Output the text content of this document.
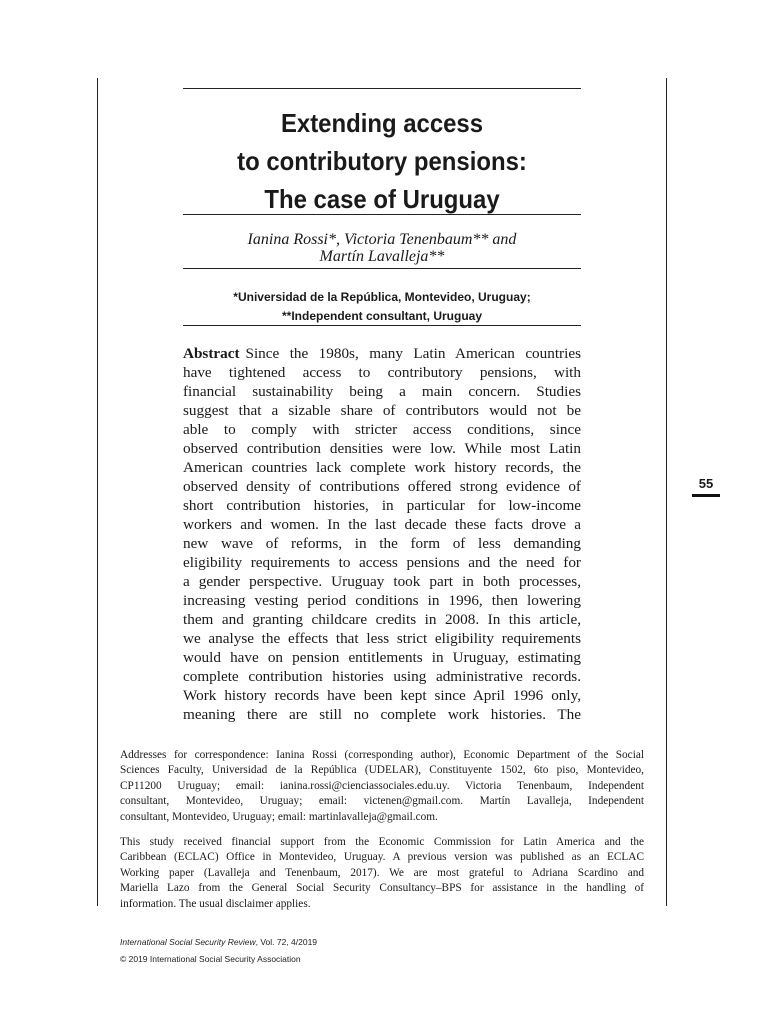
Extending access
to contributory pensions:
The case of Uruguay
Ianina Rossi*, Victoria Tenenbaum** and
Martín Lavalleja**
*Universidad de la República, Montevideo, Uruguay;
**Independent consultant, Uruguay
Abstract Since the 1980s, many Latin American countries
have tightened access to contributory pensions, with
financial sustainability being a main concern. Studies
suggest that a sizable share of contributors would not be
able to comply with stricter access conditions, since
observed contribution densities were low. While most Latin
American countries lack complete work history records, the
observed density of contributions offered strong evidence of
short contribution histories, in particular for low-income
workers and women. In the last decade these facts drove a
new wave of reforms, in the form of less demanding
eligibility requirements to access pensions and the need for
a gender perspective. Uruguay took part in both processes,
increasing vesting period conditions in 1996, then lowering
them and granting childcare credits in 2008. In this article,
we analyse the effects that less strict eligibility requirements
would have on pension entitlements in Uruguay, estimating
complete contribution histories using administrative records.
Work history records have been kept since April 1996 only,
meaning there are still no complete work histories. The
55
Addresses for correspondence: Ianina Rossi (corresponding author), Economic Department of the Social
Sciences Faculty, Universidad de la República (UDELAR), Constituyente 1502, 6to piso, Montevideo,
CP11200 Uruguay; email: ianina.rossi@cienciassociales.edu.uy. Victoria Tenenbaum, Independent
consultant, Montevideo, Uruguay; email: victenen@gmail.com. Martín Lavalleja, Independent
consultant, Montevideo, Uruguay; email: martinlavalleja@gmail.com.
This study received financial support from the Economic Commission for Latin America and the
Caribbean (ECLAC) Office in Montevideo, Uruguay. A previous version was published as an ECLAC
Working paper (Lavalleja and Tenenbaum, 2017). We are most grateful to Adriana Scardino and
Mariella Lazo from the General Social Security Consultancy–BPS for assistance in the handling of
information. The usual disclaimer applies.
International Social Security Review, Vol. 72, 4/2019
© 2019 International Social Security Association
